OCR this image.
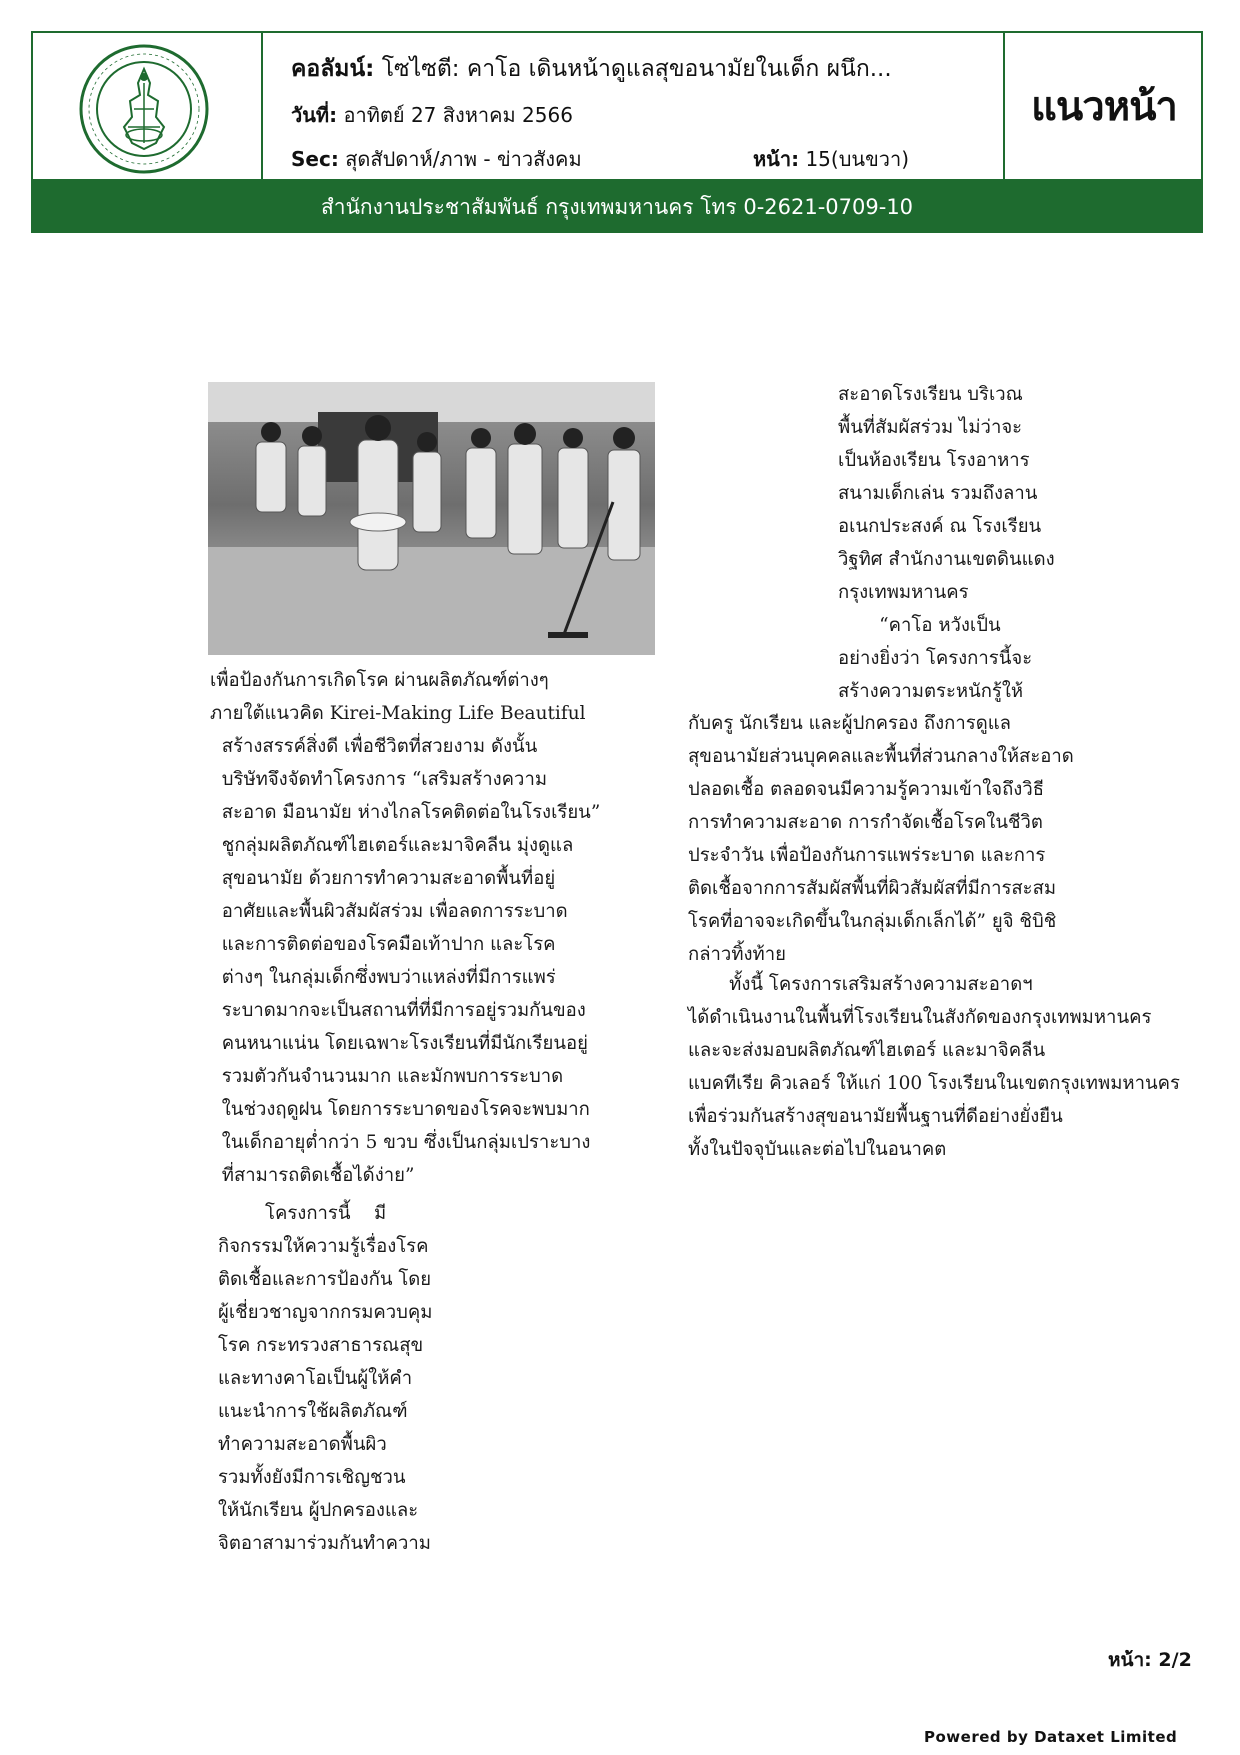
คอลัมน์: โซไซตี: คาโอ เดินหน้าดูแลสุขอนามัยในเด็ก ผนึก...
วันที่: อาทิตย์ 27 สิงหาคม 2566
Sec: สุดสัปดาห์/ภาพ - ข่าวสังคม	หน้า: 15(บนขวา)
แนวหน้า
สำนักงานประชาสัมพันธ์ กรุงเทพมหานคร โทร 0-2621-0709-10

เพื่อป้องกันการเกิดโรค ผ่านผลิตภัณฑ์ต่างๆ

ภายใต้แนวคิด Kirei-Making Life Beautiful

สร้างสรรค์สิ่งดี เพื่อชีวิตที่สวยงาม ดังนั้น

บริษัทจึงจัดทำโครงการ “เสริมสร้างความ

สะอาด มือนามัย ห่างไกลโรคติดต่อในโรงเรียน”

ชูกลุ่มผลิตภัณฑ์ไฮเตอร์และมาจิคลีน มุ่งดูแล

สุขอนามัย ด้วยการทำความสะอาดพื้นที่อยู่

อาศัยและพื้นผิวสัมผัสร่วม เพื่อลดการระบาด

และการติดต่อของโรคมือเท้าปาก และโรค

ต่างๆ ในกลุ่มเด็กซึ่งพบว่าแหล่งที่มีการแพร่

ระบาดมากจะเป็นสถานที่ที่มีการอยู่รวมกันของ

คนหนาแน่น โดยเฉพาะโรงเรียนที่มีนักเรียนอยู่

รวมตัวกันจำนวนมาก และมักพบการระบาด

ในช่วงฤดูฝน โดยการระบาดของโรคจะพบมาก

ในเด็กอายุต่ำกว่า 5 ขวบ ซึ่งเป็นกลุ่มเปราะบาง

ที่สามารถติดเชื้อได้ง่าย”

โครงการนี้    มี

กิจกรรมให้ความรู้เรื่องโรค

ติดเชื้อและการป้องกัน โดย

ผู้เชี่ยวชาญจากกรมควบคุม

โรค กระทรวงสาธารณสุข

และทางคาโอเป็นผู้ให้คำ

แนะนำการใช้ผลิตภัณฑ์

ทำความสะอาดพื้นผิว

รวมทั้งยังมีการเชิญชวน

ให้นักเรียน ผู้ปกครองและ

จิตอาสามาร่วมกันทำความ

สะอาดโรงเรียน บริเวณ

พื้นที่สัมผัสร่วม ไม่ว่าจะ

เป็นห้องเรียน โรงอาหาร

สนามเด็กเล่น รวมถึงลาน

อเนกประสงค์ ณ โรงเรียน

วิฐทิศ สำนักงานเขตดินแดง

กรุงเทพมหานคร

“คาโอ หวังเป็น

อย่างยิ่งว่า โครงการนี้จะ

สร้างความตระหนักรู้ให้

กับครู นักเรียน และผู้ปกครอง ถึงการดูแล

สุขอนามัยส่วนบุคคลและพื้นที่ส่วนกลางให้สะอาด

ปลอดเชื้อ ตลอดจนมีความรู้ความเข้าใจถึงวิธี

การทำความสะอาด การกำจัดเชื้อโรคในชีวิต

ประจำวัน เพื่อป้องกันการแพร่ระบาด และการ

ติดเชื้อจากการสัมผัสพื้นที่ผิวสัมผัสที่มีการสะสม

โรคที่อาจจะเกิดขึ้นในกลุ่มเด็กเล็กได้” ยูจิ ชิบิชิ

กล่าวทิ้งท้าย

ทั้งนี้ โครงการเสริมสร้างความสะอาดฯ

ได้ดำเนินงานในพื้นที่โรงเรียนในสังกัดของกรุงเทพมหานคร

และจะส่งมอบผลิตภัณฑ์ไฮเตอร์ และมาจิคลีน

แบคทีเรีย คิวเลอร์ ให้แก่ 100 โรงเรียนในเขตกรุงเทพมหานคร

เพื่อร่วมกันสร้างสุขอนามัยพื้นฐานที่ดีอย่างยั่งยืน

ทั้งในปัจจุบันและต่อไปในอนาคต

หน้า: 2/2
Powered by Dataxet Limited
